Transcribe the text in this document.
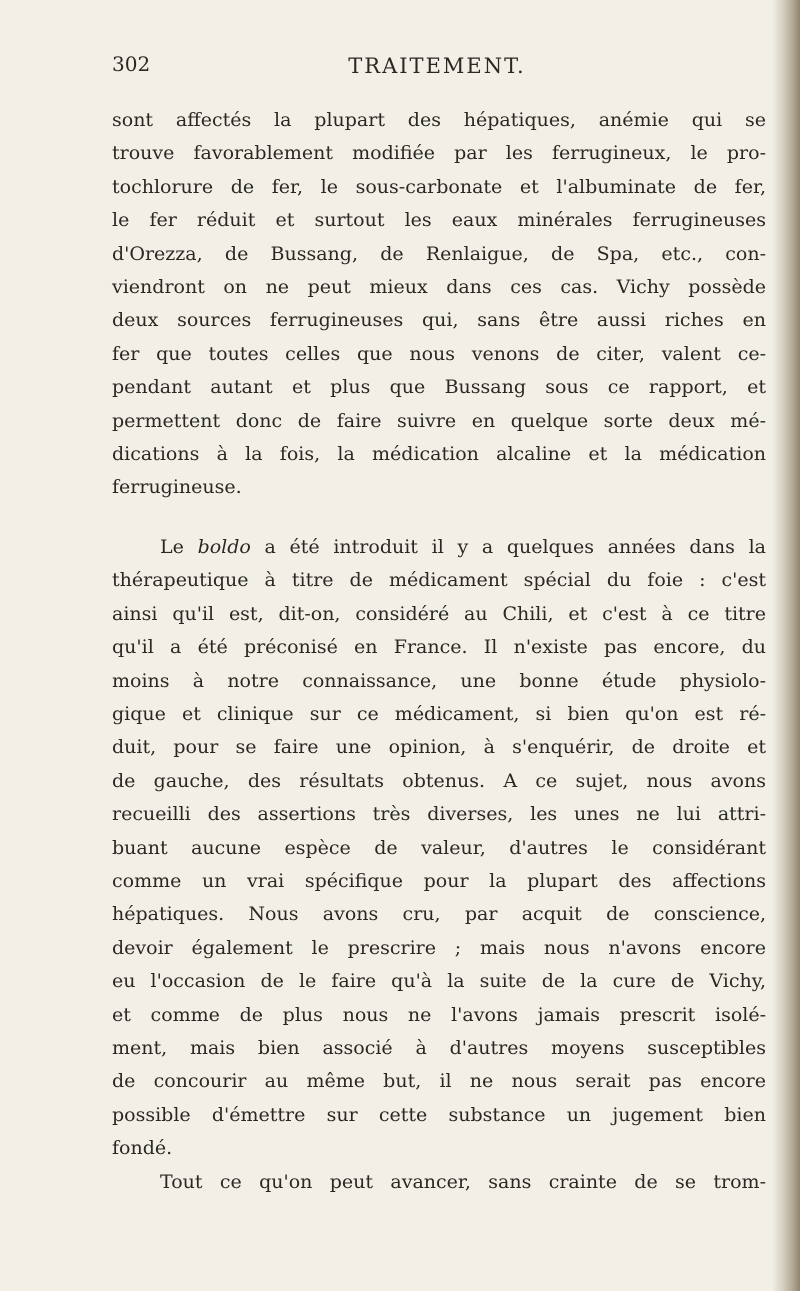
302	TRAITEMENT.
sont affectés la plupart des hépatiques, anémie qui se
trouve favorablement modifiée par les ferrugineux, le pro-
tochlorure de fer, le sous-carbonate et l'albuminate de fer,
le fer réduit et surtout les eaux minérales ferrugineuses
d'Orezza, de Bussang, de Renlaigue, de Spa, etc., con-
viendront on ne peut mieux dans ces cas. Vichy possède
deux sources ferrugineuses qui, sans être aussi riches en
fer que toutes celles que nous venons de citer, valent ce-
pendant autant et plus que Bussang sous ce rapport, et
permettent donc de faire suivre en quelque sorte deux mé-
dications à la fois, la médication alcaline et la médication
ferrugineuse.
Le boldo a été introduit il y a quelques années dans la
thérapeutique à titre de médicament spécial du foie : c'est
ainsi qu'il est, dit-on, considéré au Chili, et c'est à ce titre
qu'il a été préconisé en France. Il n'existe pas encore, du
moins à notre connaissance, une bonne étude physiolo-
gique et clinique sur ce médicament, si bien qu'on est ré-
duit, pour se faire une opinion, à s'enquérir, de droite et
de gauche, des résultats obtenus. A ce sujet, nous avons
recueilli des assertions très diverses, les unes ne lui attri-
buant aucune espèce de valeur, d'autres le considérant
comme un vrai spécifique pour la plupart des affections
hépatiques. Nous avons cru, par acquit de conscience,
devoir également le prescrire ; mais nous n'avons encore
eu l'occasion de le faire qu'à la suite de la cure de Vichy,
et comme de plus nous ne l'avons jamais prescrit isolé-
ment, mais bien associé à d'autres moyens susceptibles
de concourir au même but, il ne nous serait pas encore
possible d'émettre sur cette substance un jugement bien
fondé.
Tout ce qu'on peut avancer, sans crainte de se trom-
